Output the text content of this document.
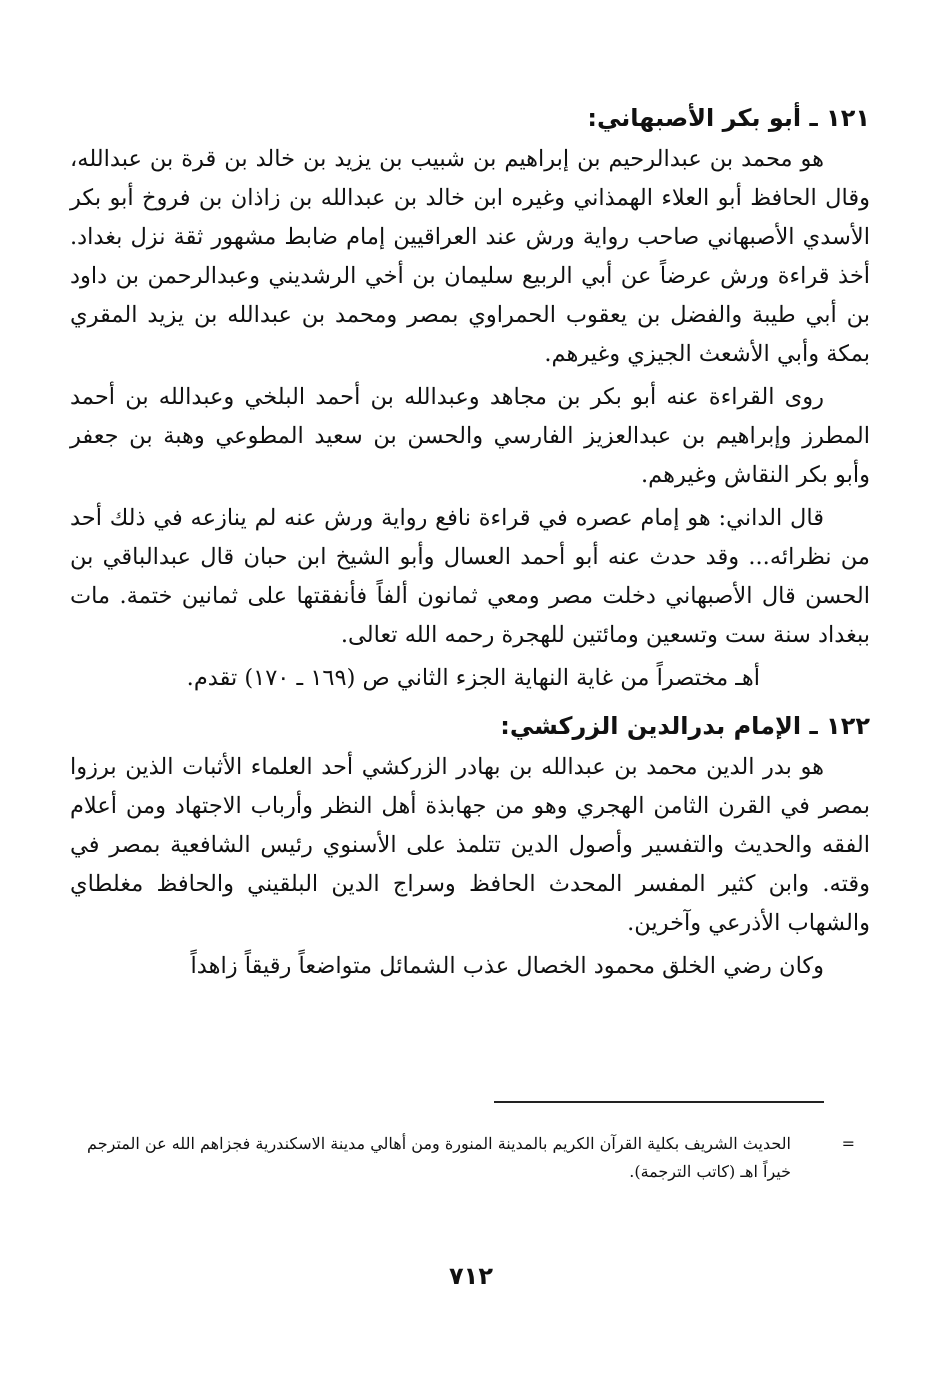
١٢١ ـ أبو بكر الأصبهاني:

هو محمد بن عبدالرحيم بن إبراهيم بن شبيب بن يزيد بن خالد بن قرة بن عبدالله، وقال الحافظ أبو العلاء الهمذاني وغيره ابن خالد بن عبدالله بن زاذان بن فروخ أبو بكر الأسدي الأصبهاني صاحب رواية ورش عند العراقيين إمام ضابط مشهور ثقة نزل بغداد. أخذ قراءة ورش عرضاً عن أبي الربيع سليمان بن أخي الرشديني وعبدالرحمن بن داود بن أبي طيبة والفضل بن يعقوب الحمراوي بمصر ومحمد بن عبدالله بن يزيد المقري بمكة وأبي الأشعث الجيزي وغيرهم.

روى القراءة عنه أبو بكر بن مجاهد وعبدالله بن أحمد البلخي وعبدالله بن أحمد المطرز وإبراهيم بن عبدالعزيز الفارسي والحسن بن سعيد المطوعي وهبة بن جعفر وأبو بكر النقاش وغيرهم.

قال الداني: هو إمام عصره في قراءة نافع رواية ورش عنه لم ينازعه في ذلك أحد من نظرائه... وقد حدث عنه أبو أحمد العسال وأبو الشيخ ابن حبان قال عبدالباقي بن الحسن قال الأصبهاني دخلت مصر ومعي ثمانون ألفاً فأنفقتها على ثمانين ختمة. مات ببغداد سنة ست وتسعين ومائتين للهجرة رحمه الله تعالى.

أهـ مختصراً من غاية النهاية الجزء الثاني ص (١٦٩ ـ ١٧٠) تقدم.

١٢٢ ـ الإمام بدرالدين الزركشي:

هو بدر الدين محمد بن عبدالله بن بهادر الزركشي أحد العلماء الأثبات الذين برزوا بمصر في القرن الثامن الهجري وهو من جهابذة أهل النظر وأرباب الاجتهاد ومن أعلام الفقه والحديث والتفسير وأصول الدين تتلمذ على الأسنوي رئيس الشافعية بمصر في وقته. وابن كثير المفسر المحدث الحافظ وسراج الدين البلقيني والحافظ مغلطاي والشهاب الأذرعي وآخرين.

وكان رضي الخلق محمود الخصال عذب الشمائل متواضعاً رقيقاً زاهداً

=
الحديث الشريف بكلية القرآن الكريم بالمدينة المنورة ومن أهالي مدينة الاسكندرية فجزاهم الله عن المترجم خيراً اهـ (كاتب الترجمة).
٧١٢
